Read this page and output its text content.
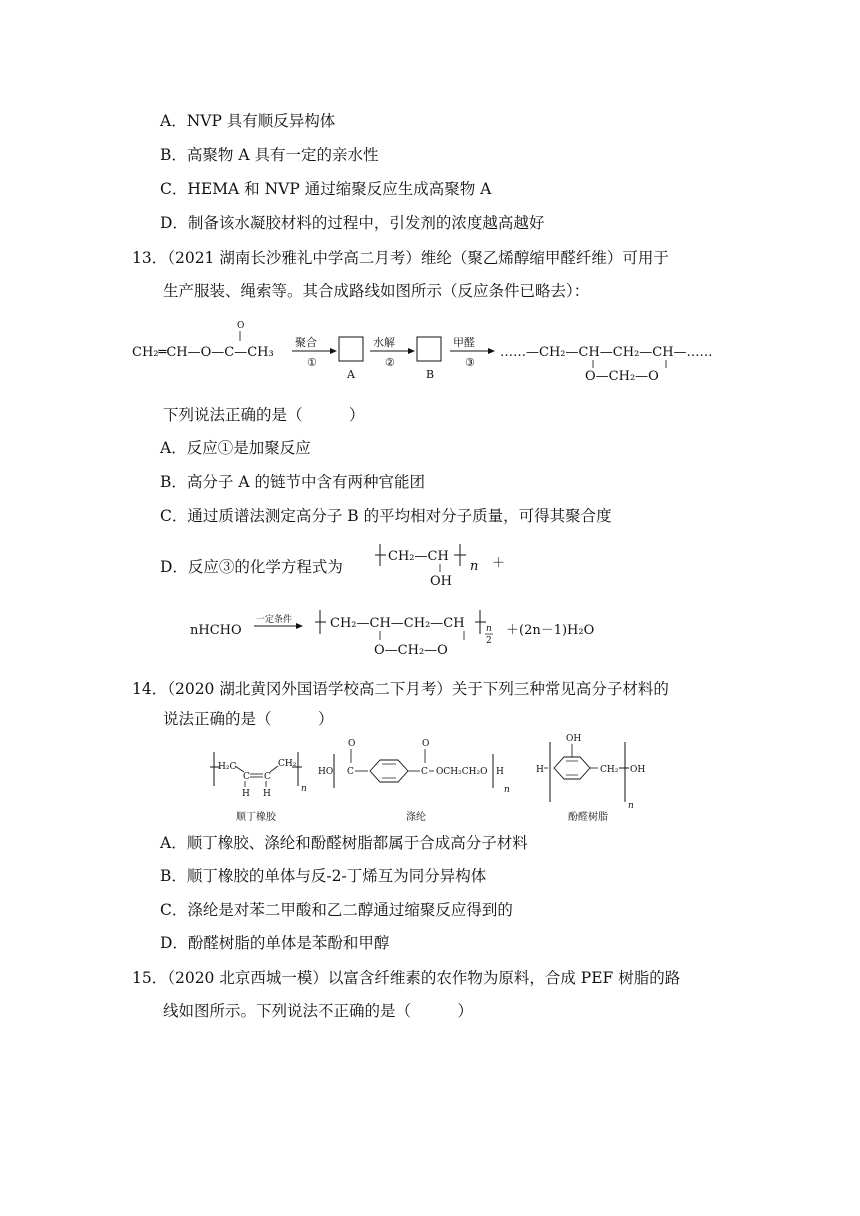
A．NVP 具有顺反异构体
B．高聚物 A 具有一定的亲水性
C．HEMA 和 NVP 通过缩聚反应生成高聚物 A
D．制备该水凝胶材料的过程中，引发剂的浓度越高越好
13．（2021 湖南长沙雅礼中学高二月考）维纶（聚乙烯醇缩甲醛纤维）可用于
生产服装、绳索等。其合成路线如图所示（反应条件已略去）：
O
CH₂═CH—O—C—CH₃
聚合
①
A
水解
②
B
甲醛
③
……—CH₂—CH—CH₂—CH—……
O—CH₂—O
下列说法正确的是（　　　）
A．反应①是加聚反应
B．高分子 A 的链节中含有两种官能团
C．通过质谱法测定高分子 B 的平均相对分子质量，可得其聚合度
D．反应③的化学方程式为
CH₂—CH
OH
n ＋
nHCHO
一定条件	CH₂—CH—CH₂—CH
O—CH₂—O
n
2
＋(2n－1)H₂O
14．（2020 湖北黄冈外国语学校高二下月考）关于下列三种常见高分子材料的
说法正确的是（　　　）
H₂C
C C
CH₂
H H	n
顺丁橡胶
HO
O
C
O
C OCH₂CH₂O H
n
涤纶
H
OH
CH₂ OH
n
酚醛树脂
A．顺丁橡胶、涤纶和酚醛树脂都属于合成高分子材料
B．顺丁橡胶的单体与反-2-丁烯互为同分异构体
C．涤纶是对苯二甲酸和乙二醇通过缩聚反应得到的
D．酚醛树脂的单体是苯酚和甲醇
15．（2020 北京西城一模）以富含纤维素的农作物为原料，合成 PEF 树脂的路
线如图所示。下列说法不正确的是（　　　）
